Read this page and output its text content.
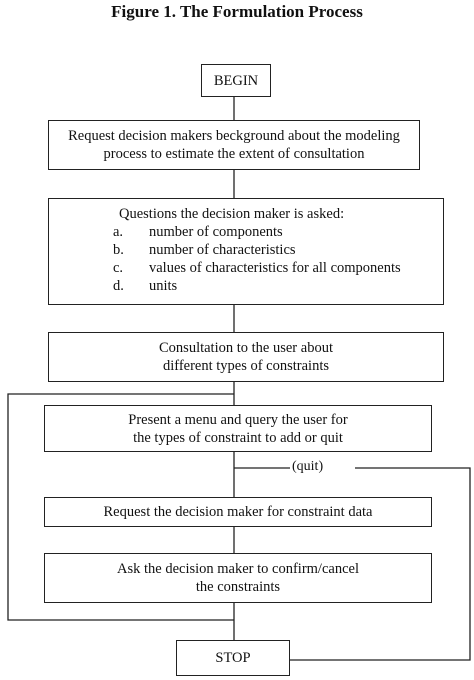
Figure 1. The Formulation Process
BEGIN
Request decision makers beckground about the modeling
process to estimate the extent of consultation
Questions the decision maker is asked:
a.	number of components
b.	number of characteristics
c.	values of characteristics for all components
d.	units
Consultation to the user about
different types of constraints
Present a menu and query the user for
the types of constraint to add or quit
(quit)
Request the decision maker for constraint data
Ask the decision maker to confirm/cancel
the constraints
STOP
